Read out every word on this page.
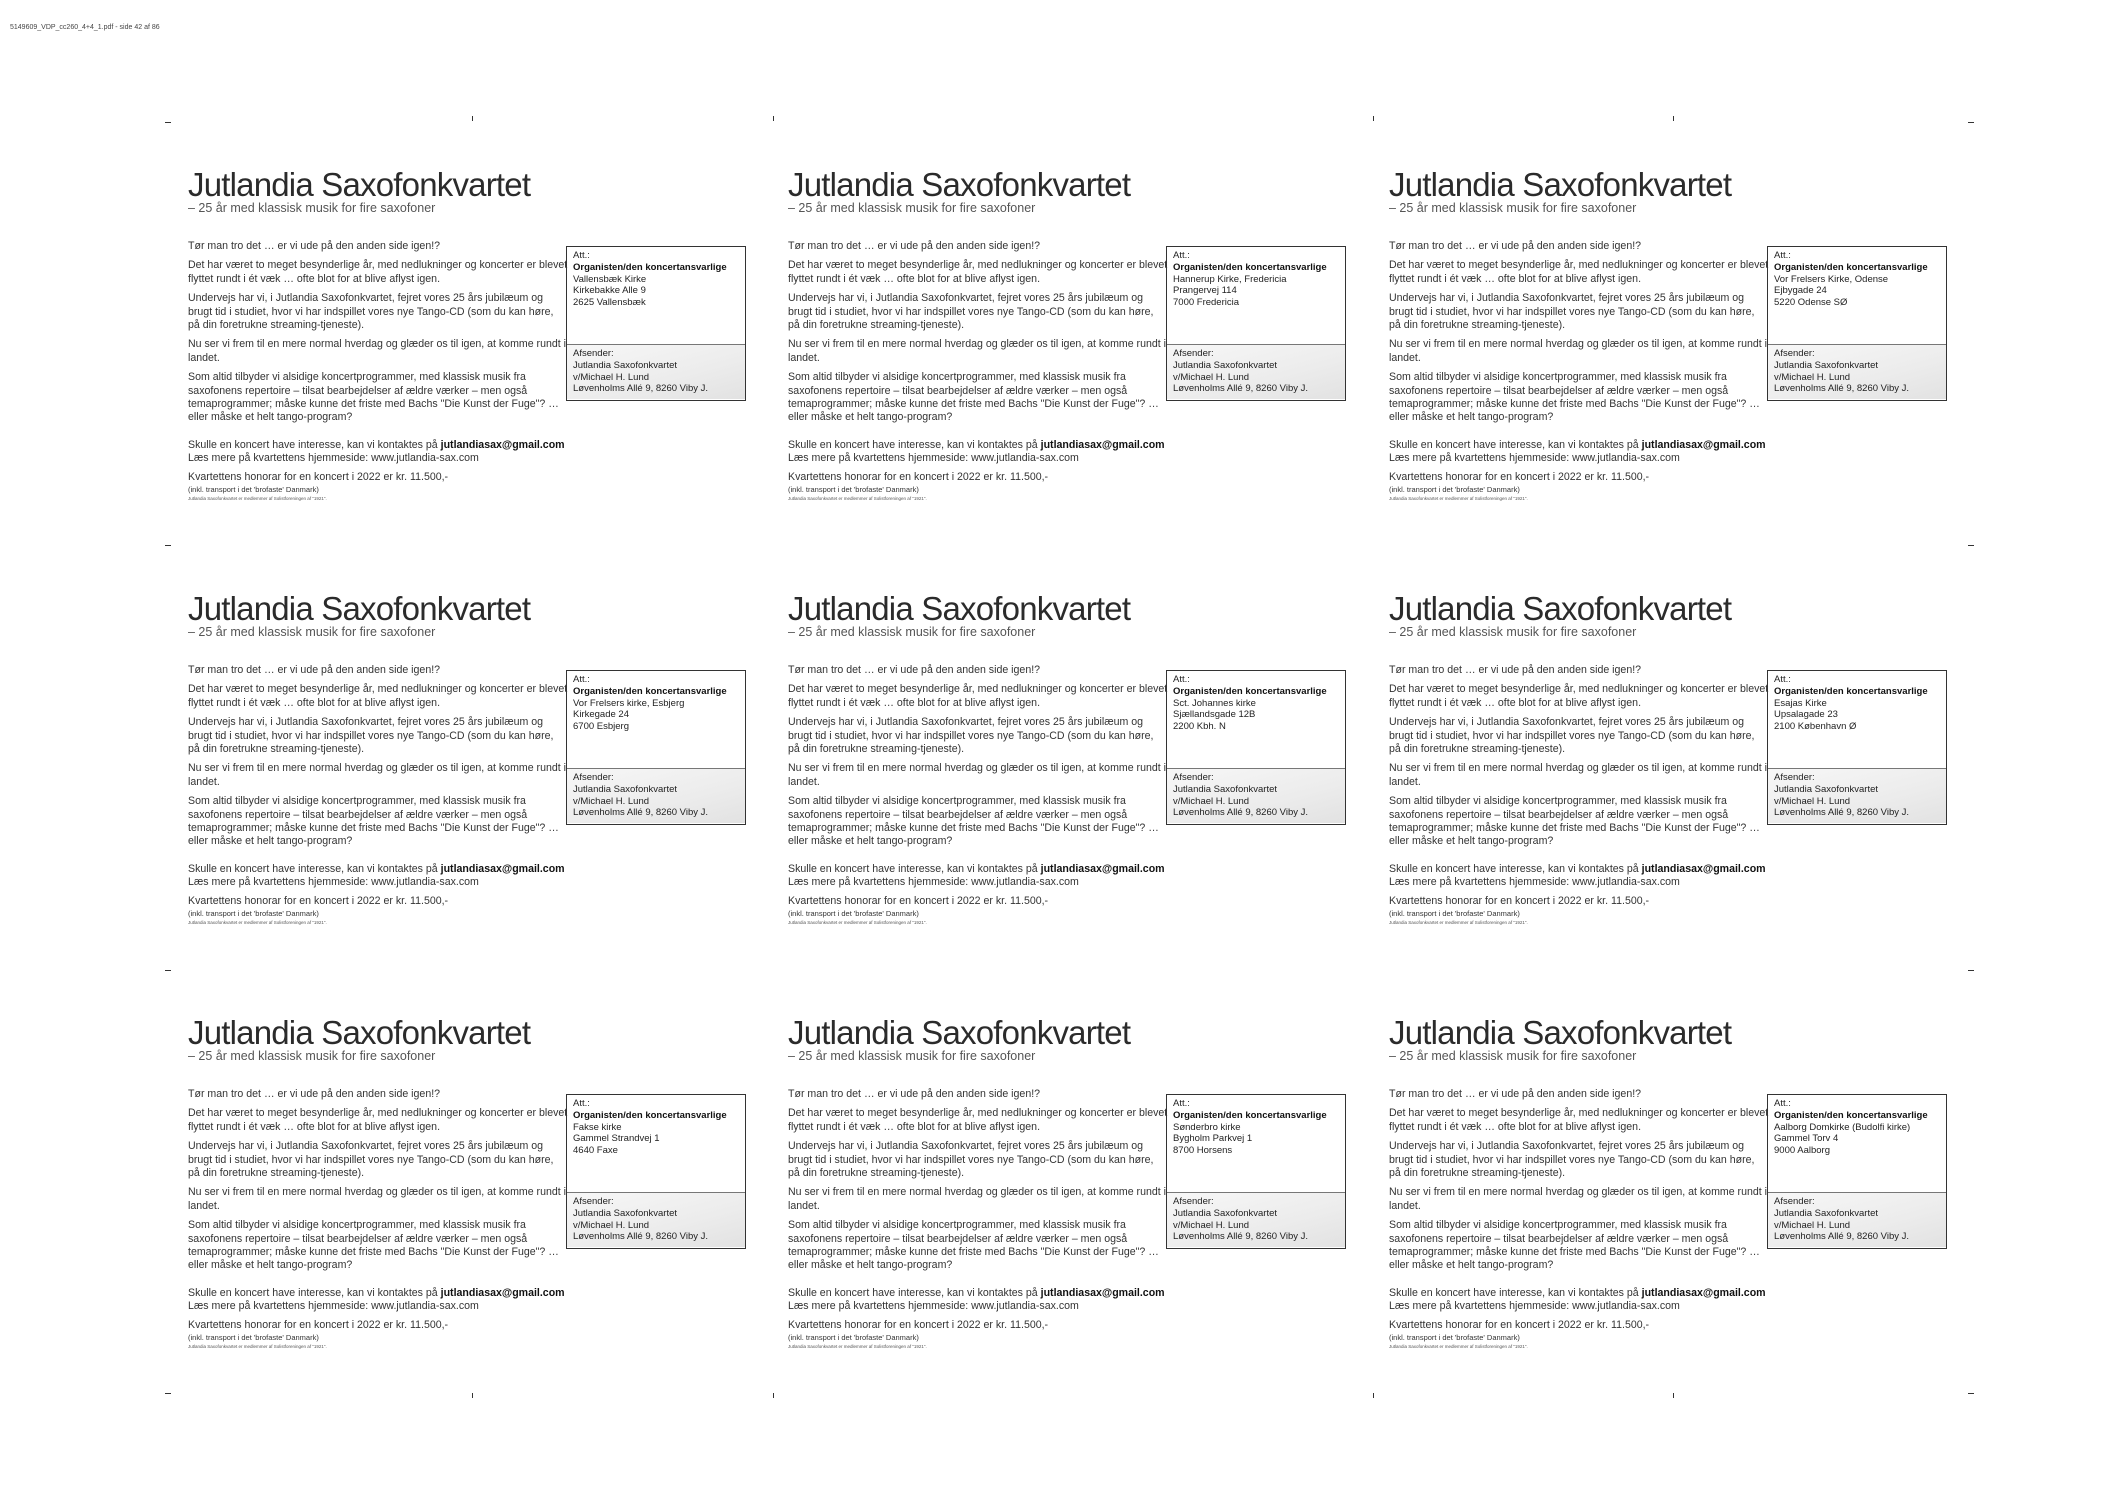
5149609_VDP_cc260_4+4_1.pdf - side 42 af 86
Jutlandia Saxofonkvartet
– 25 år med klassisk musik for fire saxofoner

Tør man tro det … er vi ude på den anden side igen!?

Det har været to meget besynderlige år, med nedlukninger og koncerter er blevet flyttet rundt i ét væk … ofte blot for at blive aflyst igen.

Undervejs har vi, i Jutlandia Saxofonkvartet, fejret vores 25 års jubilæum og brugt tid i studiet, hvor vi har indspillet vores nye Tango-CD (som du kan høre, på din foretrukne streaming-tjeneste).

Nu ser vi frem til en mere normal hverdag og glæder os til igen, at komme rundt i landet.

Som altid tilbyder vi alsidige koncertprogrammer, med klassisk musik fra saxofonens repertoire – tilsat bearbejdelser af ældre værker – men også temaprogrammer; måske kunne det friste med Bachs "Die Kunst der Fuge"? … eller måske et helt tango-program?

Skulle en koncert have interesse, kan vi kontaktes på jutlandiasax@gmail.com

Læs mere på kvartettens hjemmeside: www.jutlandia-sax.com

Kvartettens honorar for en koncert i 2022 er kr. 11.500,-

(inkl. transport i det 'brofaste' Danmark)

Jutlandia Saxofonkvartet er medlemmer af Solistforeningen af "1921".

Att.:
Organisten/den koncertansvarlige
Vallensbæk Kirke
Kirkebakke Alle 9
2625 Vallensbæk
Afsender:
Jutlandia Saxofonkvartet
v/Michael H. Lund
Løvenholms Allé 9, 8260 Viby J.
Jutlandia Saxofonkvartet
– 25 år med klassisk musik for fire saxofoner

Tør man tro det … er vi ude på den anden side igen!?

Det har været to meget besynderlige år, med nedlukninger og koncerter er blevet flyttet rundt i ét væk … ofte blot for at blive aflyst igen.

Undervejs har vi, i Jutlandia Saxofonkvartet, fejret vores 25 års jubilæum og brugt tid i studiet, hvor vi har indspillet vores nye Tango-CD (som du kan høre, på din foretrukne streaming-tjeneste).

Nu ser vi frem til en mere normal hverdag og glæder os til igen, at komme rundt i landet.

Som altid tilbyder vi alsidige koncertprogrammer, med klassisk musik fra saxofonens repertoire – tilsat bearbejdelser af ældre værker – men også temaprogrammer; måske kunne det friste med Bachs "Die Kunst der Fuge"? … eller måske et helt tango-program?

Skulle en koncert have interesse, kan vi kontaktes på jutlandiasax@gmail.com

Læs mere på kvartettens hjemmeside: www.jutlandia-sax.com

Kvartettens honorar for en koncert i 2022 er kr. 11.500,-

(inkl. transport i det 'brofaste' Danmark)

Jutlandia Saxofonkvartet er medlemmer af Solistforeningen af "1921".

Att.:
Organisten/den koncertansvarlige
Hannerup Kirke, Fredericia
Prangervej 114
7000 Fredericia
Afsender:
Jutlandia Saxofonkvartet
v/Michael H. Lund
Løvenholms Allé 9, 8260 Viby J.
Jutlandia Saxofonkvartet
– 25 år med klassisk musik for fire saxofoner

Tør man tro det … er vi ude på den anden side igen!?

Det har været to meget besynderlige år, med nedlukninger og koncerter er blevet flyttet rundt i ét væk … ofte blot for at blive aflyst igen.

Undervejs har vi, i Jutlandia Saxofonkvartet, fejret vores 25 års jubilæum og brugt tid i studiet, hvor vi har indspillet vores nye Tango-CD (som du kan høre, på din foretrukne streaming-tjeneste).

Nu ser vi frem til en mere normal hverdag og glæder os til igen, at komme rundt i landet.

Som altid tilbyder vi alsidige koncertprogrammer, med klassisk musik fra saxofonens repertoire – tilsat bearbejdelser af ældre værker – men også temaprogrammer; måske kunne det friste med Bachs "Die Kunst der Fuge"? … eller måske et helt tango-program?

Skulle en koncert have interesse, kan vi kontaktes på jutlandiasax@gmail.com

Læs mere på kvartettens hjemmeside: www.jutlandia-sax.com

Kvartettens honorar for en koncert i 2022 er kr. 11.500,-

(inkl. transport i det 'brofaste' Danmark)

Jutlandia Saxofonkvartet er medlemmer af Solistforeningen af "1921".

Att.:
Organisten/den koncertansvarlige
Vor Frelsers Kirke, Odense
Ejbygade 24
5220 Odense SØ
Afsender:
Jutlandia Saxofonkvartet
v/Michael H. Lund
Løvenholms Allé 9, 8260 Viby J.
Jutlandia Saxofonkvartet
– 25 år med klassisk musik for fire saxofoner

Tør man tro det … er vi ude på den anden side igen!?

Det har været to meget besynderlige år, med nedlukninger og koncerter er blevet flyttet rundt i ét væk … ofte blot for at blive aflyst igen.

Undervejs har vi, i Jutlandia Saxofonkvartet, fejret vores 25 års jubilæum og brugt tid i studiet, hvor vi har indspillet vores nye Tango-CD (som du kan høre, på din foretrukne streaming-tjeneste).

Nu ser vi frem til en mere normal hverdag og glæder os til igen, at komme rundt i landet.

Som altid tilbyder vi alsidige koncertprogrammer, med klassisk musik fra saxofonens repertoire – tilsat bearbejdelser af ældre værker – men også temaprogrammer; måske kunne det friste med Bachs "Die Kunst der Fuge"? … eller måske et helt tango-program?

Skulle en koncert have interesse, kan vi kontaktes på jutlandiasax@gmail.com

Læs mere på kvartettens hjemmeside: www.jutlandia-sax.com

Kvartettens honorar for en koncert i 2022 er kr. 11.500,-

(inkl. transport i det 'brofaste' Danmark)

Jutlandia Saxofonkvartet er medlemmer af Solistforeningen af "1921".

Att.:
Organisten/den koncertansvarlige
Vor Frelsers kirke, Esbjerg
Kirkegade 24
6700 Esbjerg
Afsender:
Jutlandia Saxofonkvartet
v/Michael H. Lund
Løvenholms Allé 9, 8260 Viby J.
Jutlandia Saxofonkvartet
– 25 år med klassisk musik for fire saxofoner

Tør man tro det … er vi ude på den anden side igen!?

Det har været to meget besynderlige år, med nedlukninger og koncerter er blevet flyttet rundt i ét væk … ofte blot for at blive aflyst igen.

Undervejs har vi, i Jutlandia Saxofonkvartet, fejret vores 25 års jubilæum og brugt tid i studiet, hvor vi har indspillet vores nye Tango-CD (som du kan høre, på din foretrukne streaming-tjeneste).

Nu ser vi frem til en mere normal hverdag og glæder os til igen, at komme rundt i landet.

Som altid tilbyder vi alsidige koncertprogrammer, med klassisk musik fra saxofonens repertoire – tilsat bearbejdelser af ældre værker – men også temaprogrammer; måske kunne det friste med Bachs "Die Kunst der Fuge"? … eller måske et helt tango-program?

Skulle en koncert have interesse, kan vi kontaktes på jutlandiasax@gmail.com

Læs mere på kvartettens hjemmeside: www.jutlandia-sax.com

Kvartettens honorar for en koncert i 2022 er kr. 11.500,-

(inkl. transport i det 'brofaste' Danmark)

Jutlandia Saxofonkvartet er medlemmer af Solistforeningen af "1921".

Att.:
Organisten/den koncertansvarlige
Sct. Johannes kirke
Sjællandsgade 12B
2200 Kbh. N
Afsender:
Jutlandia Saxofonkvartet
v/Michael H. Lund
Løvenholms Allé 9, 8260 Viby J.
Jutlandia Saxofonkvartet
– 25 år med klassisk musik for fire saxofoner

Tør man tro det … er vi ude på den anden side igen!?

Det har været to meget besynderlige år, med nedlukninger og koncerter er blevet flyttet rundt i ét væk … ofte blot for at blive aflyst igen.

Undervejs har vi, i Jutlandia Saxofonkvartet, fejret vores 25 års jubilæum og brugt tid i studiet, hvor vi har indspillet vores nye Tango-CD (som du kan høre, på din foretrukne streaming-tjeneste).

Nu ser vi frem til en mere normal hverdag og glæder os til igen, at komme rundt i landet.

Som altid tilbyder vi alsidige koncertprogrammer, med klassisk musik fra saxofonens repertoire – tilsat bearbejdelser af ældre værker – men også temaprogrammer; måske kunne det friste med Bachs "Die Kunst der Fuge"? … eller måske et helt tango-program?

Skulle en koncert have interesse, kan vi kontaktes på jutlandiasax@gmail.com

Læs mere på kvartettens hjemmeside: www.jutlandia-sax.com

Kvartettens honorar for en koncert i 2022 er kr. 11.500,-

(inkl. transport i det 'brofaste' Danmark)

Jutlandia Saxofonkvartet er medlemmer af Solistforeningen af "1921".

Att.:
Organisten/den koncertansvarlige
Esajas Kirke
Upsalagade 23
2100 København Ø
Afsender:
Jutlandia Saxofonkvartet
v/Michael H. Lund
Løvenholms Allé 9, 8260 Viby J.
Jutlandia Saxofonkvartet
– 25 år med klassisk musik for fire saxofoner

Tør man tro det … er vi ude på den anden side igen!?

Det har været to meget besynderlige år, med nedlukninger og koncerter er blevet flyttet rundt i ét væk … ofte blot for at blive aflyst igen.

Undervejs har vi, i Jutlandia Saxofonkvartet, fejret vores 25 års jubilæum og brugt tid i studiet, hvor vi har indspillet vores nye Tango-CD (som du kan høre, på din foretrukne streaming-tjeneste).

Nu ser vi frem til en mere normal hverdag og glæder os til igen, at komme rundt i landet.

Som altid tilbyder vi alsidige koncertprogrammer, med klassisk musik fra saxofonens repertoire – tilsat bearbejdelser af ældre værker – men også temaprogrammer; måske kunne det friste med Bachs "Die Kunst der Fuge"? … eller måske et helt tango-program?

Skulle en koncert have interesse, kan vi kontaktes på jutlandiasax@gmail.com

Læs mere på kvartettens hjemmeside: www.jutlandia-sax.com

Kvartettens honorar for en koncert i 2022 er kr. 11.500,-

(inkl. transport i det 'brofaste' Danmark)

Jutlandia Saxofonkvartet er medlemmer af Solistforeningen af "1921".

Att.:
Organisten/den koncertansvarlige
Fakse kirke
Gammel Strandvej 1
4640 Faxe
Afsender:
Jutlandia Saxofonkvartet
v/Michael H. Lund
Løvenholms Allé 9, 8260 Viby J.
Jutlandia Saxofonkvartet
– 25 år med klassisk musik for fire saxofoner

Tør man tro det … er vi ude på den anden side igen!?

Det har været to meget besynderlige år, med nedlukninger og koncerter er blevet flyttet rundt i ét væk … ofte blot for at blive aflyst igen.

Undervejs har vi, i Jutlandia Saxofonkvartet, fejret vores 25 års jubilæum og brugt tid i studiet, hvor vi har indspillet vores nye Tango-CD (som du kan høre, på din foretrukne streaming-tjeneste).

Nu ser vi frem til en mere normal hverdag og glæder os til igen, at komme rundt i landet.

Som altid tilbyder vi alsidige koncertprogrammer, med klassisk musik fra saxofonens repertoire – tilsat bearbejdelser af ældre værker – men også temaprogrammer; måske kunne det friste med Bachs "Die Kunst der Fuge"? … eller måske et helt tango-program?

Skulle en koncert have interesse, kan vi kontaktes på jutlandiasax@gmail.com

Læs mere på kvartettens hjemmeside: www.jutlandia-sax.com

Kvartettens honorar for en koncert i 2022 er kr. 11.500,-

(inkl. transport i det 'brofaste' Danmark)

Jutlandia Saxofonkvartet er medlemmer af Solistforeningen af "1921".

Att.:
Organisten/den koncertansvarlige
Sønderbro kirke
Bygholm Parkvej 1
8700 Horsens
Afsender:
Jutlandia Saxofonkvartet
v/Michael H. Lund
Løvenholms Allé 9, 8260 Viby J.
Jutlandia Saxofonkvartet
– 25 år med klassisk musik for fire saxofoner

Tør man tro det … er vi ude på den anden side igen!?

Det har været to meget besynderlige år, med nedlukninger og koncerter er blevet flyttet rundt i ét væk … ofte blot for at blive aflyst igen.

Undervejs har vi, i Jutlandia Saxofonkvartet, fejret vores 25 års jubilæum og brugt tid i studiet, hvor vi har indspillet vores nye Tango-CD (som du kan høre, på din foretrukne streaming-tjeneste).

Nu ser vi frem til en mere normal hverdag og glæder os til igen, at komme rundt i landet.

Som altid tilbyder vi alsidige koncertprogrammer, med klassisk musik fra saxofonens repertoire – tilsat bearbejdelser af ældre værker – men også temaprogrammer; måske kunne det friste med Bachs "Die Kunst der Fuge"? … eller måske et helt tango-program?

Skulle en koncert have interesse, kan vi kontaktes på jutlandiasax@gmail.com

Læs mere på kvartettens hjemmeside: www.jutlandia-sax.com

Kvartettens honorar for en koncert i 2022 er kr. 11.500,-

(inkl. transport i det 'brofaste' Danmark)

Jutlandia Saxofonkvartet er medlemmer af Solistforeningen af "1921".

Att.:
Organisten/den koncertansvarlige
Aalborg Domkirke (Budolfi kirke)
Gammel Torv 4
9000 Aalborg
Afsender:
Jutlandia Saxofonkvartet
v/Michael H. Lund
Løvenholms Allé 9, 8260 Viby J.
